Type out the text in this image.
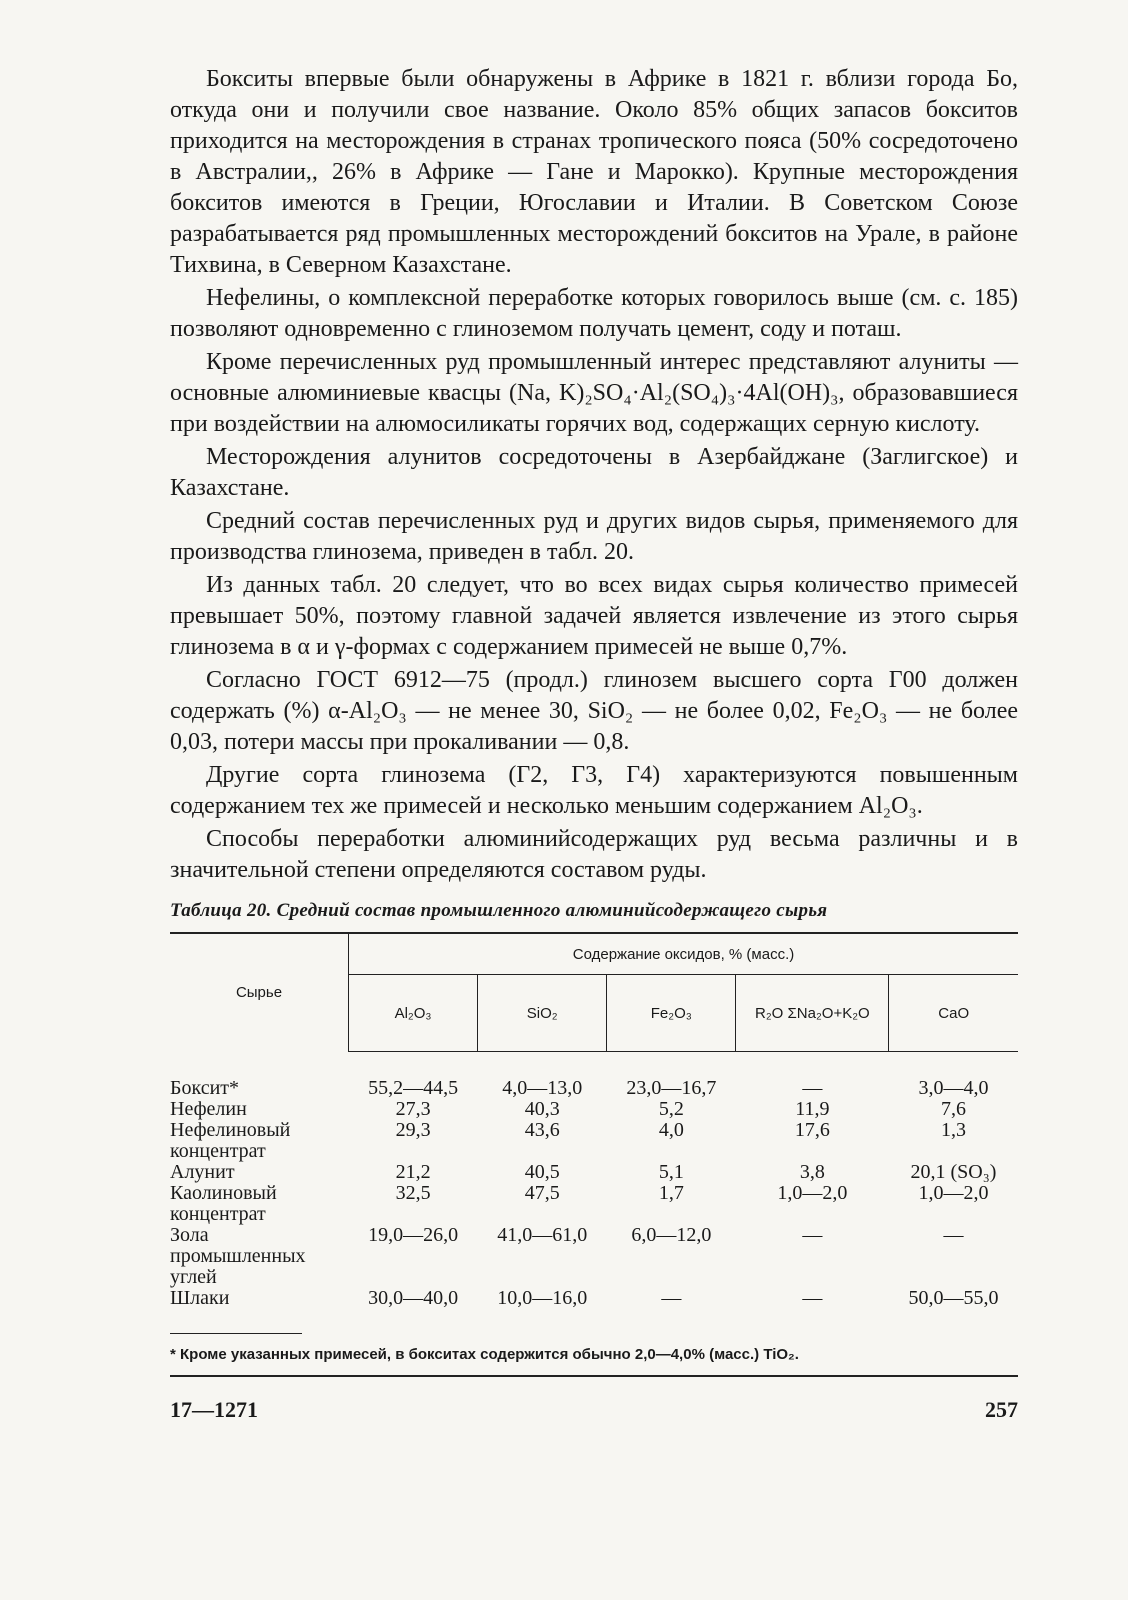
Бокситы впервые были обнаружены в Африке в 1821 г. вблизи города Бо, откуда они и получили свое название. Около 85% общих запасов бокситов приходится на месторождения в странах тропического пояса (50% сосредоточено в Австралии,, 26% в Африке — Гане и Марокко). Крупные месторождения бокситов имеются в Греции, Югославии и Италии. В Советском Союзе разрабатывается ряд промышленных месторождений бокситов на Урале, в районе Тихвина, в Северном Казахстане.

Нефелины, о комплексной переработке которых говорилось выше (см. с. 185) позволяют одновременно с глиноземом получать цемент, соду и поташ.

Кроме перечисленных руд промышленный интерес представляют алуниты — основные алюминиевые квасцы (Na, K)₂SO₄·Al₂(SO₄)₃·4Al(OH)₃, образовавшиеся при воздействии на алюмосиликаты горячих вод, содержащих серную кислоту.

Месторождения алунитов сосредоточены в Азербайджане (Заглигское) и Казахстане.

Средний состав перечисленных руд и других видов сырья, применяемого для производства глинозема, приведен в табл. 20.

Из данных табл. 20 следует, что во всех видах сырья количество примесей превышает 50%, поэтому главной задачей является извлечение из этого сырья глинозема в α и γ-формах с содержанием примесей не выше 0,7%.

Согласно ГОСТ 6912—75 (продл.) глинозем высшего сорта Г00 должен содержать (%) α-Al₂O₃ — не менее 30, SiO₂ — не более 0,02, Fe₂O₃ — не более 0,03, потери массы при прокаливании — 0,8.

Другие сорта глинозема (Г2, Г3, Г4) характеризуются повышенным содержанием тех же примесей и несколько меньшим содержанием Al₂O₃.

Способы переработки алюминийсодержащих руд весьма различны и в значительной степени определяются составом руды.

Таблица 20. Средний состав промышленного алюминийсодержащего сырья
Сырье	Содержание оксидов, % (масс.)				
	Al₂O₃	SiO₂	Fe₂O₃	R₂O ΣNa₂O+K₂O	CaO
Боксит*	55,2—44,5	4,0—13,0	23,0—16,7	—	3,0—4,0
Нефелин	27,3	40,3	5,2	11,9	7,6
Нефелиновый концентрат	29,3	43,6	4,0	17,6	1,3
Алунит	21,2	40,5	5,1	3,8	20,1 (SO₃)
Каолиновый концентрат	32,5	47,5	1,7	1,0—2,0	1,0—2,0
Зола промышленных углей	19,0—26,0	41,0—61,0	6,0—12,0	—	—
Шлаки	30,0—40,0	10,0—16,0	—	—	50,0—55,0
* Кроме указанных примесей, в бокситах содержится обычно 2,0—4,0% (масс.) TiO₂.
17—1271	257
